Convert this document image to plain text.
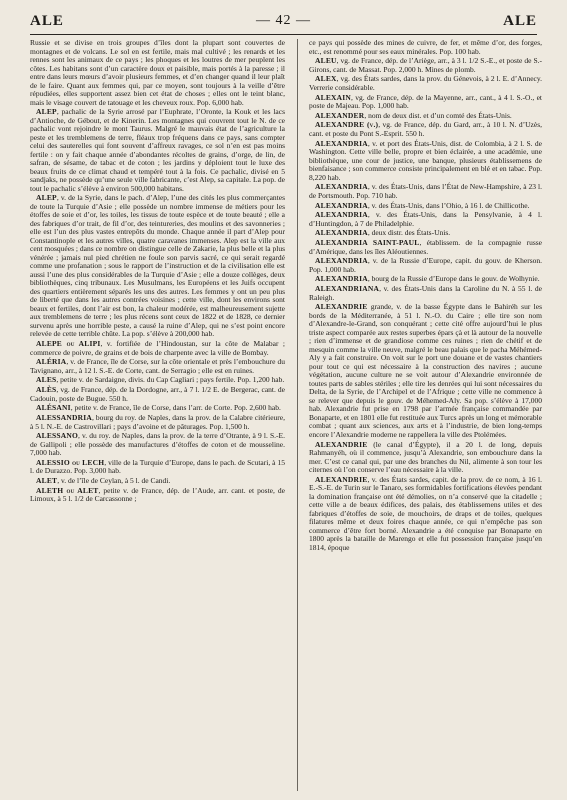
ALE	— 42 —	ALE

Russie et se divise en trois groupes d’îles dont la plupart sont couvertes de montagnes et de volcans. Le sol en est fertile, mais mal cultivé ; les renards et les rennes sont les animaux de ce pays ; les phoques et les loutres de mer peuplent les côtes. Les habitans sont d’un caractère doux et paisible, mais portés à la paresse ; il entre dans leurs mœurs d’avoir plusieurs femmes, et d’en changer quand il leur plaît de le faire. Quant aux femmes qui, par ce moyen, sont toujours à la veille d’être répudiées, elles supportent assez bien cet état de choses ; elles ont le teint blanc, mais le visage couvert de tatouage et les cheveux roux. Pop. 6,000 hab.

ALEP, pachalic de la Syrie arrosé par l’Euphrate, l’Oronte, la Kouk et les lacs d’Antioche, de Gébout, et de Kinerin. Les montagnes qui couvrent tout le N. de ce pachalic vont rejoindre le mont Taurus. Malgré le mauvais état de l’agriculture la peste et les tremblemens de terre, fléaux trop fréquens dans ce pays, sans compter celui des sauterelles qui font souvent d’affreux ravages, ce sol n’en est pas moins fertile : on y fait chaque année d’abondantes récoltes de grains, d’orge, de lin, de safran, de sésame, de tabac et de coton ; les jardins y déploient tout le luxe des beaux fruits de ce climat chaud et tempéré tout à la fois. Ce pachalic, divisé en 5 sandjaks, ne possède qu’une seule ville fabricante, c’est Alep, sa capitale. La pop. de tout le pachalic s’élève à environ 500,000 habitans.

ALEP, v. de la Syrie, dans le pach. d’Alep, l’une des cités les plus commerçantes de toute la Turquie d’Asie ; elle possède un nombre immense de métiers pour les étoffes de soie et d’or, les toiles, les tissus de toute espèce et de toute beauté ; elle a des fabriques d’or trait, de fil d’or, des teintureries, des moulins et des savonneries ; elle est l’un des plus vastes entrepôts du monde. Chaque année il part d’Alep pour Constantinople et les autres villes, quatre caravanes immenses. Alep est la ville aux cent mosquées ; dans ce nombre on distingue celle de Zakarie, la plus belle et la plus vénérée ; jamais nul pied chrétien ne foule son parvis sacré, ce qui serait regardé comme une profanation ; sous le rapport de l’instruction et de la civilisation elle est aussi l’une des plus considérables de la Turquie d’Asie ; elle a douze collèges, deux bibliothèques, cinq tribunaux. Les Musulmans, les Européens et les Juifs occupent des quartiers entièrement séparés les uns des autres. Les femmes y ont un peu plus de liberté que dans les autres contrées voisines ; cette ville, dont les environs sont beaux et fertiles, dont l’air est bon, la chaleur modérée, est malheureusement sujette aux tremblemens de terre ; les plus récens sont ceux de 1822 et de 1828, ce dernier survenu après une horrible peste, a causé la ruine d’Alep, qui ne s’est point encore relevée de cette terrible chûte. La pop. s’élève à 200,000 hab.

ALEPE ou ALIPI, v. fortifiée de l’Hindoustan, sur la côte de Malabar ; commerce de poivre, de grains et de bois de charpente avec la ville de Bombay.

ALÉRIA, v. de France, île de Corse, sur la côte orientale et près l’embouchure du Tavignano, arr., à 12 l. S.-E. de Corte, cant. de Serragio ; elle est en ruines.

ALES, petite v. de Sardaigne, divis. du Cap Cagliari ; pays fertile. Pop. 1,200 hab.

ALÈS, vg. de France, dép. de la Dordogne, arr., à 7 l. 1/2 E. de Bergerac, cant. de Cadouin, poste de Bugue. 550 h.

ALÉSANI, petite v. de France, île de Corse, dans l’arr. de Corte. Pop. 2,600 hab.

ALESSANDRIA, bourg du roy. de Naples, dans la prov. de la Calabre citérieure, à 5 l. N.-E. de Castrovillari ; pays d’avoine et de pâturages. Pop. 1,500 h.

ALESSANO, v. du roy. de Naples, dans la prov. de la terre d’Otrante, à 9 l. S.-E. de Gallipoli ; elle possède des manufactures d’étoffes de coton et de mousseline. 7,000 hab.

ALESSIO ou LECH, ville de la Turquie d’Europe, dans le pach. de Scutari, à 15 l. de Durazzo. Pop. 3,000 hab.

ALET, v. de l’île de Ceylan, à 5 l. de Candi.

ALETH ou ALET, petite v. de France, dép. de l’Aude, arr. cant. et poste, de Limoux, à 5 l. 1/2 de Carcassonne ;

ce pays qui possède des mines de cuivre, de fer, et même d’or, des forges, etc., est renommé pour ses eaux minérales. Pop. 100 hab.

ALEU, vg. de France, dép. de l’Ariège, arr., à 3 l. 1/2 S.-E., et poste de S.-Girons, cant. de Massat. Pop. 2,000 h. Mines de plomb.

ALEX, vg. des États sardes, dans la prov. du Génevois, à 2 l. E. d’Annecy. Verrerie considérable.

ALEXAIN, vg. de France, dép. de la Mayenne, arr., cant., à 4 l. S.-O., et poste de Majeau. Pop. 1,000 hab.

ALEXANDER, nom de deux dist. et d’un comté des États-Unis.

ALEXANDRE (v.), vg. de France, dép. du Gard, arr., à 10 l. N. d’Uzès, cant. et poste du Pont S.-Esprit. 550 h.

ALEXANDRIA, v. et port des États-Unis, dist. de Colombia, à 2 l. S. de Washington. Cette ville belle, propre et bien éclairée, a une académie, une bibliothèque, une cour de justice, une banque, plusieurs établissemens de bienfaisance ; son commerce consiste principalement en blé et en tabac. Pop. 8,220 hab.

ALEXANDRIA, v. des États-Unis, dans l’État de New-Hampshire, à 23 l. de Portsmouth. Pop. 710 hab.

ALEXANDRIA, v. des États-Unis, dans l’Ohio, à 16 l. de Chillicothe.

ALEXANDRIA, v. des États-Unis, dans la Pensylvanie, à 4 l. d’Huntingdon, à 7 de Philadelphie.

ALEXANDRIA, deux distr. des États-Unis.

ALEXANDRIA SAINT-PAUL, établissem. de la compagnie russe d’Amérique, dans les îles Aléoutiennes.

ALEXANDRIA, v. de la Russie d’Europe, capit. du gouv. de Kherson. Pop. 1,000 hab.

ALEXANDRIA, bourg de la Russie d’Europe dans le gouv. de Wolhynie.

ALEXANDRIANA, v. des États-Unis dans la Caroline du N. à 55 l. de Raleigh.

ALEXANDRIE grande, v. de la basse Égypte dans le Bahiréh sur les bords de la Méditerranée, à 51 l. N.-O. du Caire ; elle tire son nom d’Alexandre-le-Grand, son conquérant ; cette cité offre aujourd’hui le plus triste aspect comparée aux restes superbes épars çà et là autour de la nouvelle ; rien d’immense et de grandiose comme ces ruines ; rien de chétif et de mesquin comme la ville neuve, malgré le beau palais que le pacha Méhémed-Aly y a fait construire. On voit sur le port une douane et de vastes chantiers pour tout ce qui est nécessaire à la construction des navires ; aucune végétation, aucune culture ne se voit autour d’Alexandrie environnée de toutes parts de sables stériles ; elle tire les denrées qui lui sont nécessaires du Delta, de la Syrie, de l’Archipel et de l’Afrique ; cette ville ne commence à se relever que depuis le gouv. de Méhemed-Aly. Sa pop. s’élève à 17,000 hab. Alexandrie fut prise en 1798 par l’armée française commandée par Bonaparte, et en 1801 elle fut restituée aux Turcs après un long et mémorable combat ; quant aux sciences, aux arts et à l’industrie, de bien long-temps encore l’Alexandrie moderne ne rappellera la ville des Ptolémées.

ALEXANDRIE (le canal d’Égypte), il a 20 l. de long, depuis Rahmanyéh, où il commence, jusqu’à Alexandrie, son embouchure dans la mer. C’est ce canal qui, par une des branches du Nil, alimente à son tour les citernes où l’on conserve l’eau nécessaire à la ville.

ALEXANDRIE, v. des États sardes, capit. de la prov. de ce nom, à 16 l. E.-S.-E. de Turin sur le Tanaro, ses formidables fortifications élevées pendant la domination française ont été démolies, on n’a conservé que la citadelle ; cette ville a de beaux édifices, des palais, des établissemens utiles et des fabriques d’étoffes de soie, de mouchoirs, de draps et de toiles, quelques filatures même et deux foires chaque année, ce qui n’empêche pas son commerce d’être fort borné. Alexandrie a été conquise par Bonaparte en 1800 après la bataille de Marengo et elle fut possession française jusqu’en 1814, époque
